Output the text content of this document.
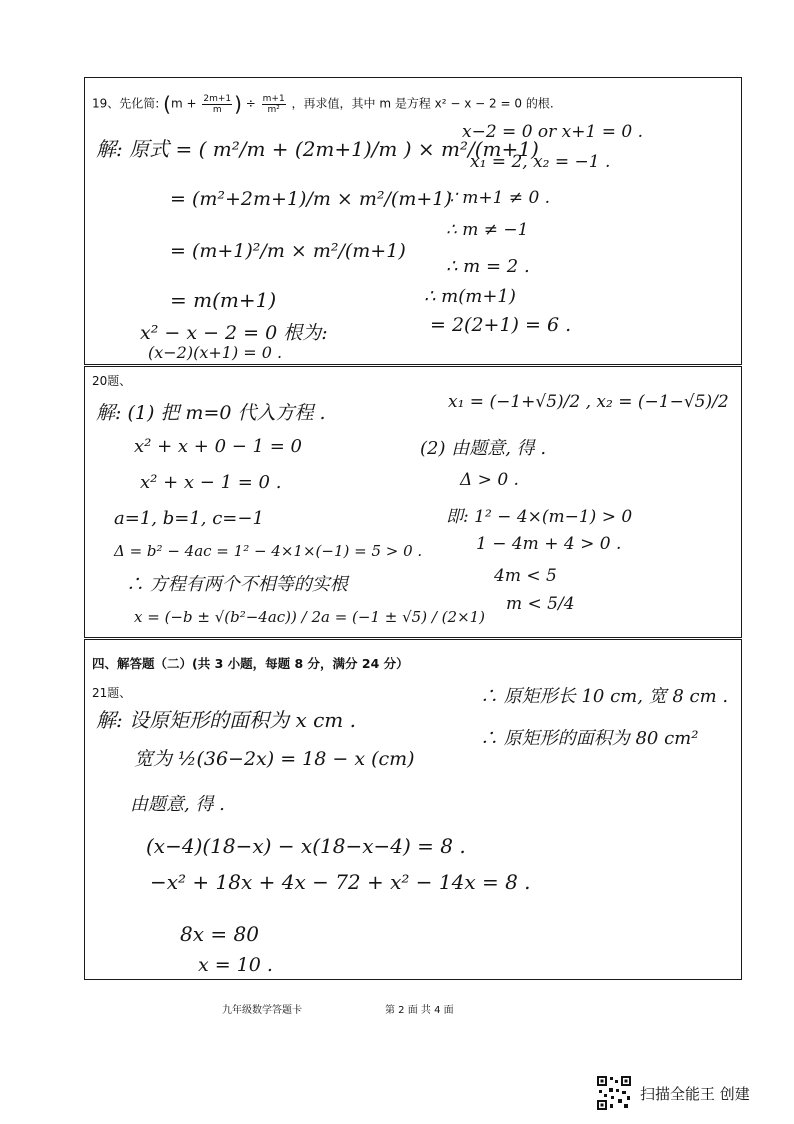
19、先化简: ($m + \frac{2m+1}{m}$ ) ÷ $\frac{m+1}{\text{m²}}$ ，再求值，其中 m 是方程 x² − x − 2 = 0 的根.
解: 原式 = ( m²/m + (2m+1)/m ) × m²/(m+1)
= (m²+2m+1)/m × m²/(m+1)
= (m+1)²/m × m²/(m+1)
= m(m+1)
x² − x − 2 = 0 根为:
(x−2)(x+1) = 0 .
x−2 = 0 or x+1 = 0 .
x₁ = 2, x₂ = −1 .
∵ m+1 ≠ 0 .
∴ m ≠ −1
∴ m = 2 .
∴ m(m+1)
= 2(2+1) = 6 .
20题、
解: (1) 把 m=0 代入方程 .
x² + x + 0 − 1 = 0
x² + x − 1 = 0 .
a=1, b=1, c=−1
Δ = b² − 4ac = 1² − 4×1×(−1) = 5 > 0 .
∴ 方程有两个不相等的实根
x = (−b ± √(b²−4ac)) / 2a = (−1 ± √5) / (2×1)
x₁ = (−1+√5)/2 , x₂ = (−1−√5)/2
(2) 由题意, 得 .
Δ > 0 .
即: 1² − 4×(m−1) > 0
1 − 4m + 4 > 0 .
4m < 5
m < 5/4
四、解答题（二）(共 3 小题，每题 8 分，满分 24 分）
21题、
解: 设原矩形的面积为 x cm .
宽为 ½(36−2x) = 18 − x (cm)
由题意, 得 .
(x−4)(18−x) − x(18−x−4) = 8 .
−x² + 18x + 4x − 72 + x² − 14x = 8 .
8x = 80
x = 10 .
∴ 原矩形长 10 cm, 宽 8 cm .
∴ 原矩形的面积为 80 cm²
九年级数学答题卡	第 2 面 共 4 面
扫描全能王 创建
